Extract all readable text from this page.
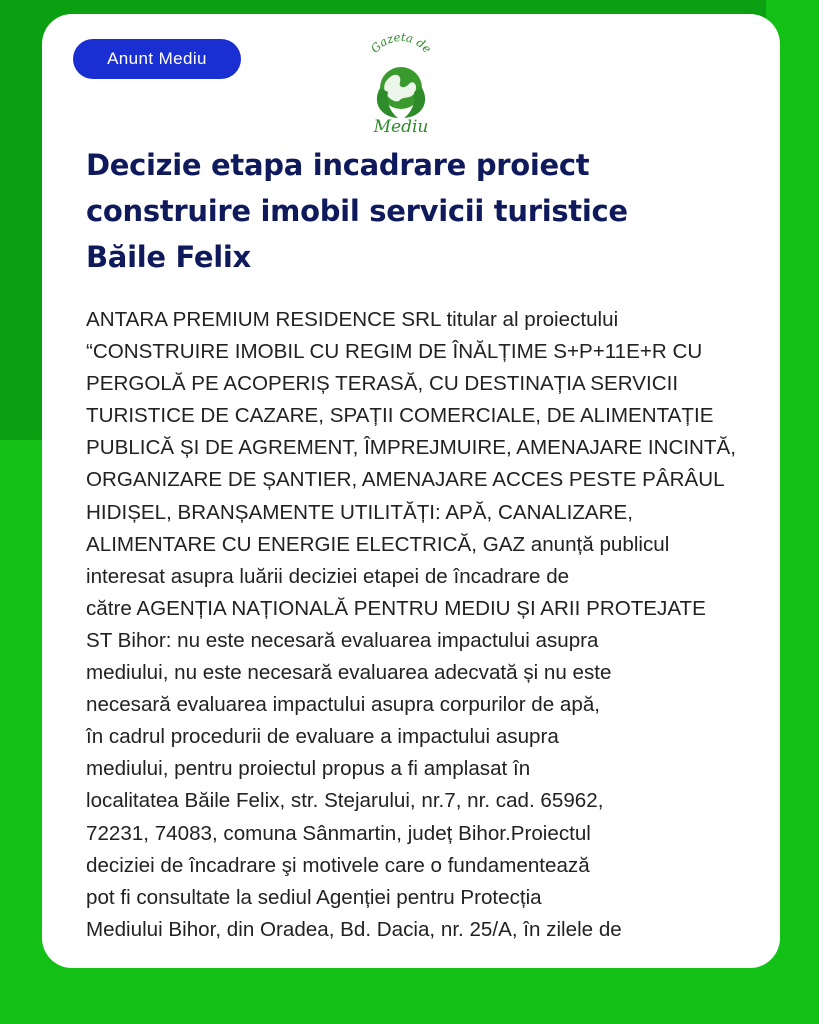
Anunt Mediu
Gazeta de
Mediu
Decizie etapa incadrare proiect
construire imobil servicii turistice
Băile Felix
ANTARA PREMIUM RESIDENCE SRL titular al proiectului
“CONSTRUIRE IMOBIL CU REGIM DE ÎNĂLȚIME S+P+11E+R CU
PERGOLĂ PE ACOPERIȘ TERASĂ, CU DESTINAȚIA SERVICII
TURISTICE DE CAZARE, SPAȚII COMERCIALE, DE ALIMENTAȚIE
PUBLICĂ ȘI DE AGREMENT, ÎMPREJMUIRE, AMENAJARE INCINTĂ,
ORGANIZARE DE ȘANTIER, AMENAJARE ACCES PESTE PÂRÂUL
HIDIȘEL, BRANȘAMENTE UTILITĂȚI: APĂ, CANALIZARE,
ALIMENTARE CU ENERGIE ELECTRICĂ, GAZ anunță publicul
interesat asupra luării deciziei etapei de încadrare de
către AGENȚIA NAȚIONALĂ PENTRU MEDIU ȘI ARII PROTEJATE
ST Bihor: nu este necesară evaluarea impactului asupra
mediului, nu este necesară evaluarea adecvată și nu este
necesară evaluarea impactului asupra corpurilor de apă,
în cadrul procedurii de evaluare a impactului asupra
mediului, pentru proiectul propus a fi amplasat în
localitatea Băile Felix, str. Stejarului, nr.7, nr. cad. 65962,
72231, 74083, comuna Sânmartin, județ Bihor.Proiectul
deciziei de încadrare şi motivele care o fundamentează
pot fi consultate la sediul Agenției pentru Protecția
Mediului Bihor, din Oradea, Bd. Dacia, nr. 25/A, în zilele de
